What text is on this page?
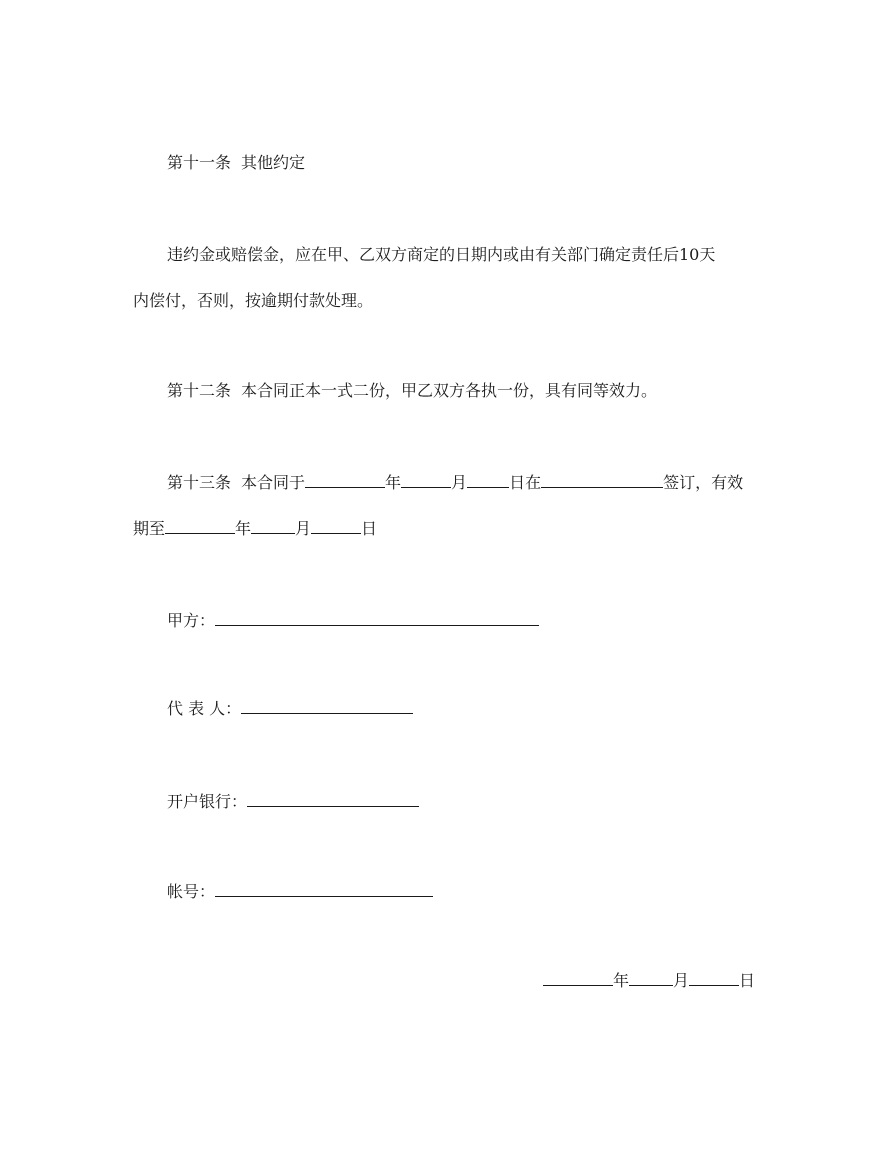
第十一条 其他约定
违约金或赔偿金，应在甲、乙双方商定的日期内或由有关部门确定责任后10天
内偿付，否则，按逾期付款处理。
第十二条 本合同正本一式二份，甲乙双方各执一份，具有同等效力。
第十三条 本合同于	年	月	日在	签订，有效
期至	年	月	日
甲方：
代 表 人：
开户银行：
帐号：
年	月	日
